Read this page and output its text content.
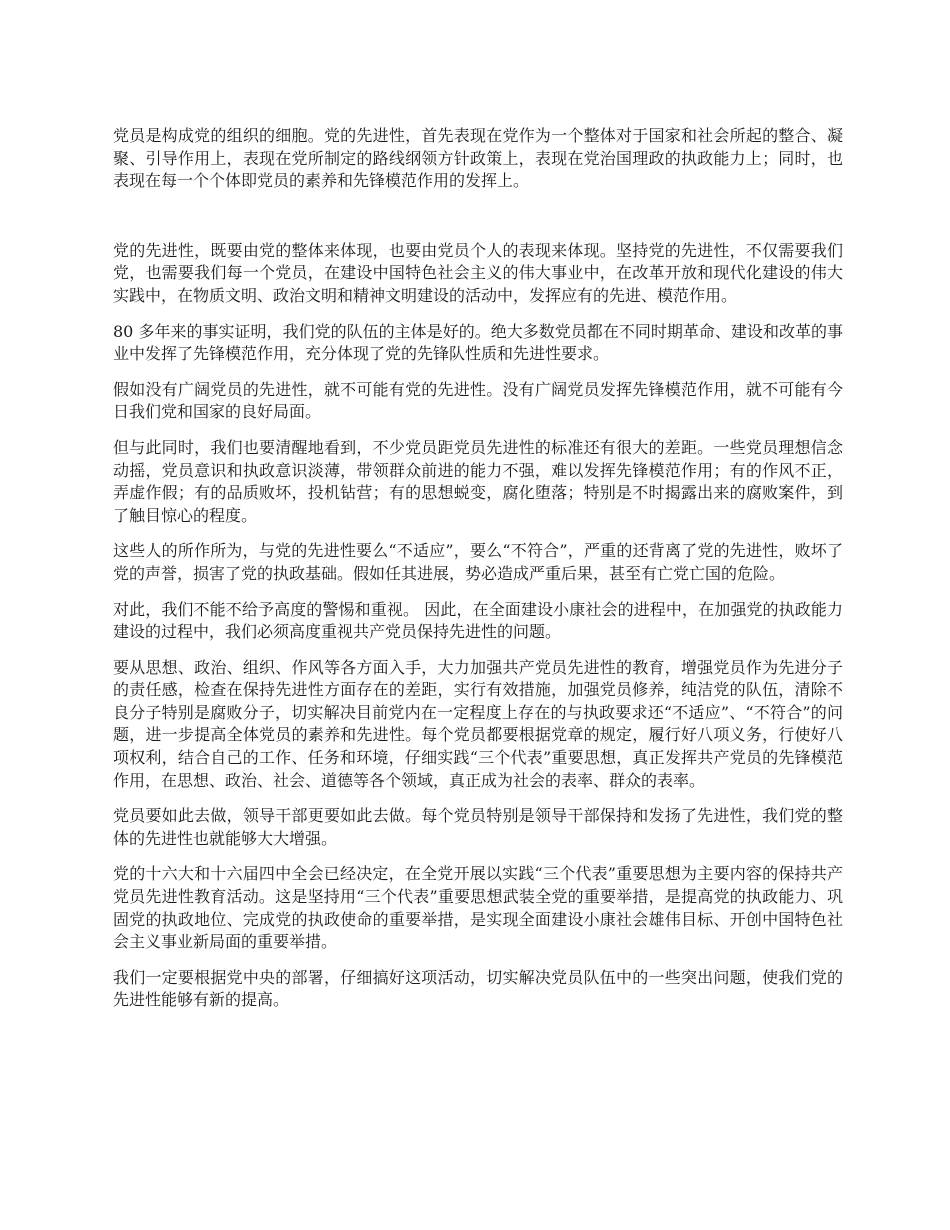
党员是构成党的组织的细胞。党的先进性，首先表现在党作为一个整体对于国家和社会所起的整合、凝聚、引导作用上，表现在党所制定的路线纲领方针政策上，表现在党治国理政的执政能力上；同时，也表现在每一个个体即党员的素养和先锋模范作用的发挥上。

党的先进性，既要由党的整体来体现，也要由党员个人的表现来体现。坚持党的先进性，不仅需要我们党，也需要我们每一个党员，在建设中国特色社会主义的伟大事业中，在改革开放和现代化建设的伟大实践中，在物质文明、政治文明和精神文明建设的活动中，发挥应有的先进、模范作用。

80 多年来的事实证明，我们党的队伍的主体是好的。绝大多数党员都在不同时期革命、建设和改革的事业中发挥了先锋模范作用，充分体现了党的先锋队性质和先进性要求。

假如没有广阔党员的先进性，就不可能有党的先进性。没有广阔党员发挥先锋模范作用，就不可能有今日我们党和国家的良好局面。

但与此同时，我们也要清醒地看到，不少党员距党员先进性的标准还有很大的差距。一些党员理想信念动摇，党员意识和执政意识淡薄，带领群众前进的能力不强，难以发挥先锋模范作用；有的作风不正，弄虚作假；有的品质败坏，投机钻营；有的思想蜕变，腐化堕落；特别是不时揭露出来的腐败案件，到了触目惊心的程度。

这些人的所作所为，与党的先进性要么“不适应”，要么“不符合”，严重的还背离了党的先进性，败坏了党的声誉，损害了党的执政基础。假如任其进展，势必造成严重后果，甚至有亡党亡国的危险。

对此，我们不能不给予高度的警惕和重视。 因此，在全面建设小康社会的进程中，在加强党的执政能力建设的过程中，我们必须高度重视共产党员保持先进性的问题。

要从思想、政治、组织、作风等各方面入手，大力加强共产党员先进性的教育，增强党员作为先进分子的责任感，检查在保持先进性方面存在的差距，实行有效措施，加强党员修养，纯洁党的队伍，清除不良分子特别是腐败分子，切实解决目前党内在一定程度上存在的与执政要求还“不适应”、“不符合”的问题，进一步提高全体党员的素养和先进性。每个党员都要根据党章的规定，履行好八项义务，行使好八项权利，结合自己的工作、任务和环境，仔细实践“三个代表”重要思想，真正发挥共产党员的先锋模范作用，在思想、政治、社会、道德等各个领域，真正成为社会的表率、群众的表率。

党员要如此去做，领导干部更要如此去做。每个党员特别是领导干部保持和发扬了先进性，我们党的整体的先进性也就能够大大增强。

党的十六大和十六届四中全会已经决定，在全党开展以实践“三个代表”重要思想为主要内容的保持共产党员先进性教育活动。这是坚持用“三个代表”重要思想武装全党的重要举措，是提高党的执政能力、巩固党的执政地位、完成党的执政使命的重要举措，是实现全面建设小康社会雄伟目标、开创中国特色社会主义事业新局面的重要举措。

我们一定要根据党中央的部署，仔细搞好这项活动，切实解决党员队伍中的一些突出问题，使我们党的先进性能够有新的提高。
